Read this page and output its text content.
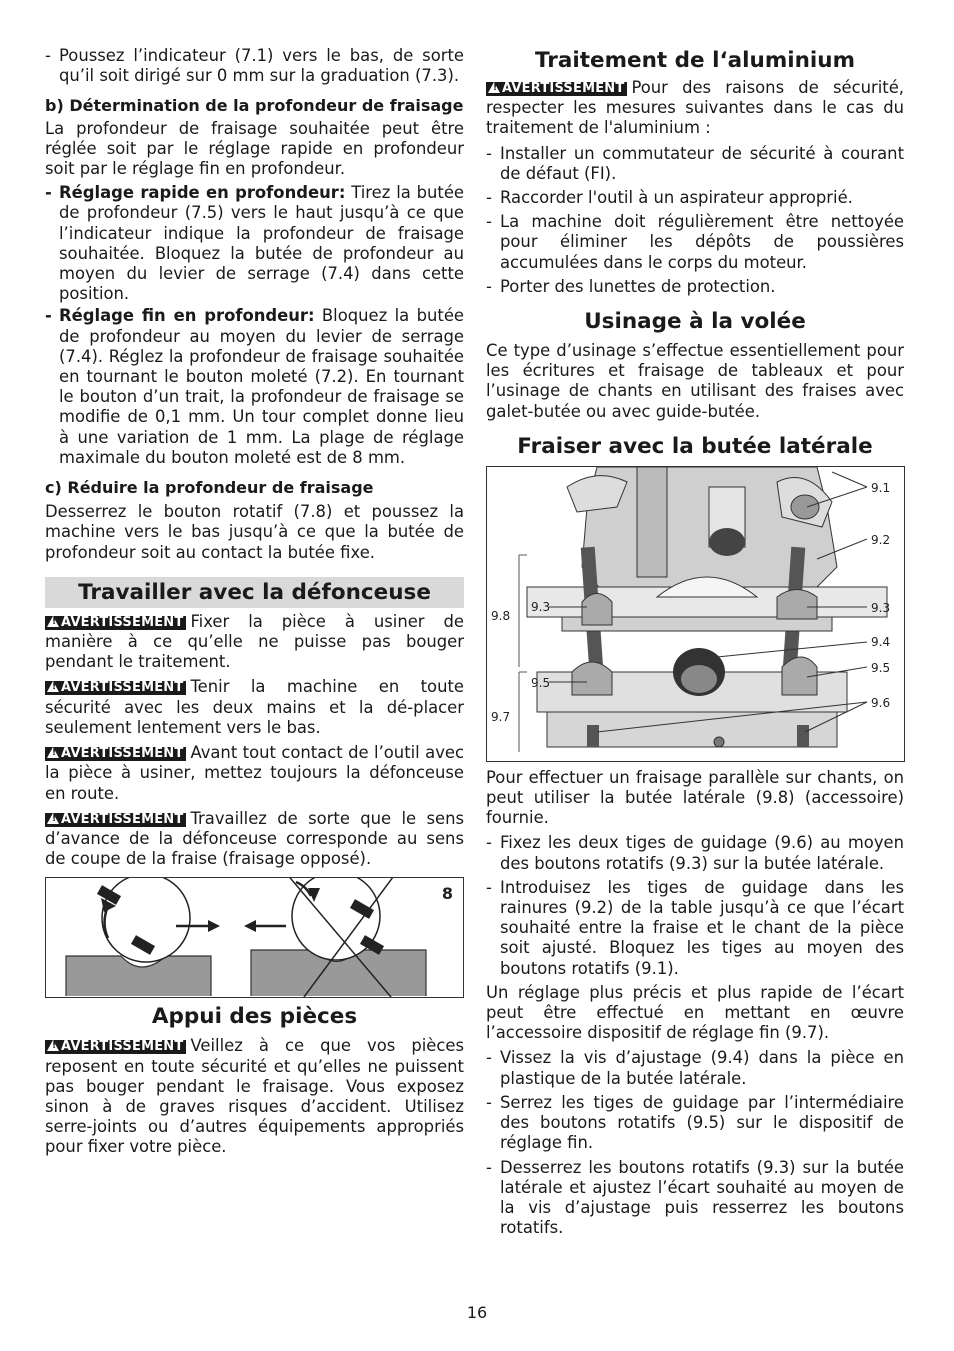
- Poussez l’indicateur (7.1) vers le bas, de sorte qu’il soit dirigé sur 0 mm sur la graduation (7.3).
b) Détermination de la profondeur de fraisage

La profondeur de fraisage souhaitée peut être réglée soit par le réglage rapide en profondeur soit par le réglage fin en profondeur.

- Réglage rapide en profondeur: Tirez la butée de profondeur (7.5) vers le haut jusqu’à ce que l’indicateur indique la profondeur de fraisage souhaitée. Bloquez la butée de profondeur au moyen du levier de serrage (7.4) dans cette position.
- Réglage fin en profondeur: Bloquez la butée de profondeur au moyen du levier de serrage (7.4). Réglez la profondeur de fraisage souhaitée en tournant le bouton moleté (7.2). En tournant le bouton d’un trait, la profondeur de fraisage se modifie de 0,1 mm. Un tour complet donne lieu à une variation de 1 mm. La plage de réglage maximale du bouton moleté est de 8 mm.
c) Réduire la profondeur de fraisage

Desserrez le bouton rotatif (7.8) et poussez la machine vers le bas jusqu’à ce que la butée de profondeur soit au contact la butée fixe.

Travailler avec la défonceuse

! AVERTISSEMENT Fixer la pièce à usiner de manière à ce qu’elle ne puisse pas bouger pendant le traitement.

! AVERTISSEMENT Tenir la machine en toute sécurité avec les deux mains et la dé-placer seulement lentement vers le bas.

! AVERTISSEMENT Avant tout contact de l’outil avec la pièce à usiner, mettez toujours la défonceuse en route.

! AVERTISSEMENT Travaillez de sorte que le sens d’avance de la défonceuse corresponde au sens de coupe de la fraise (fraisage opposé).

8
Appui des pièces

! AVERTISSEMENT Veillez à ce que vos pièces reposent en toute sécurité et qu’elles ne puissent pas bouger pendant le fraisage. Vous exposez sinon à de graves risques d’accident. Utilisez serre-joints ou d’autres équipements appropriés pour fixer votre pièce.

Traitement de l‘aluminium

! AVERTISSEMENT Pour des raisons de sécurité, respecter les mesures suivantes dans le cas du traitement de l'aluminium :

- Installer un commutateur de sécurité à courant de défaut (FI).
- Raccorder l'outil à un aspirateur approprié.
- La machine doit régulièrement être nettoyée pour éliminer les dépôts de poussières accumulées dans le corps du moteur.
- Porter des lunettes de protection.
Usinage à la volée

Ce type d’usinage s’effectue essentiellement pour les écritures et fraisage de tableaux et pour l’usinage de chants en utilisant des fraises avec galet-butée ou avec guide-butée.

Fraiser avec la butée latérale
9.1
9.2
9.3	9.3
9.4
9.5
9.5
9.6
9.7
9.8

Pour effectuer un fraisage parallèle sur chants, on peut utiliser la butée latérale (9.8) (accessoire) fournie.

- Fixez les deux tiges de guidage (9.6) au moyen des boutons rotatifs (9.3) sur la butée latérale.
- Introduisez les tiges de guidage dans les rainures (9.2) de la table jusqu’à ce que l’écart souhaité entre la fraise et le chant de la pièce soit ajusté. Bloquez les tiges au moyen des boutons rotatifs (9.1).

Un réglage plus précis et plus rapide de l’écart peut être effectué en mettant en œuvre l’accessoire dispositif de réglage fin (9.7).

- Vissez la vis d’ajustage (9.4) dans la pièce en plastique de la butée latérale.
- Serrez les tiges de guidage par l’intermédiaire des boutons rotatifs (9.5) sur le dispositif de réglage fin.
- Desserrez les boutons rotatifs (9.3) sur la butée latérale et ajustez l’écart souhaité au moyen de la vis d’ajustage puis resserrez les boutons rotatifs.
16
